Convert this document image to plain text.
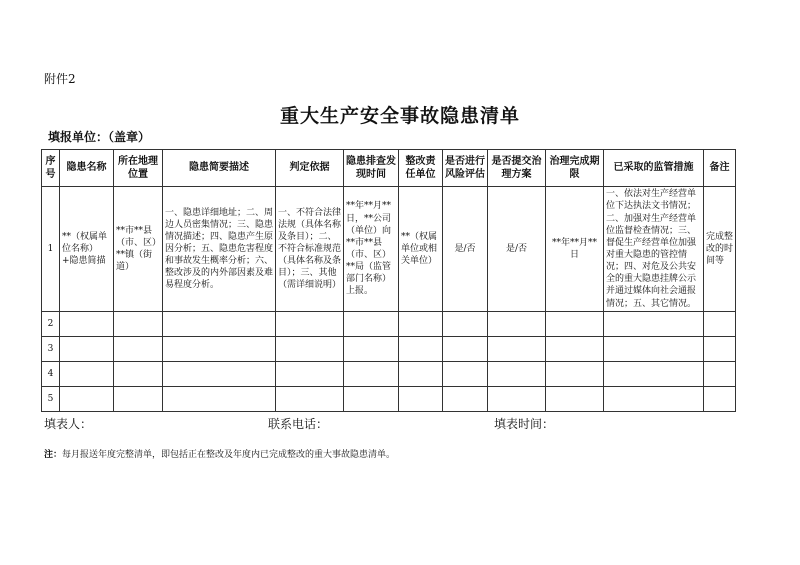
附件2
重大生产安全事故隐患清单
填报单位：（盖章）
序号	隐患名称	所在地理位置	隐患简要描述	判定依据	隐患排查发现时间	整改责任单位	是否进行风险评估	是否提交治理方案	治理完成期限	已采取的监管措施	备注
1	**（权属单位名称）+隐患简描	**市**县（市、区）**镇（街道）	一、隐患详细地址；二、周边人员密集情况；三、隐患情况描述；四、隐患产生原因分析；五、隐患危害程度和事故发生概率分析；六、整改涉及的内外部因素及难易程度分析。	一、不符合法律法规（具体名称及条目）；二、不符合标准规范（具体名称及条目）；三、其他（需详细说明）	**年**月**日，**公司（单位）向**市**县（市、区）**局（监管部门名称）上报。	**（权属单位或相关单位）	是/否	是/否	**年**月**日	一、依法对生产经营单位下达执法文书情况；二、加强对生产经营单位监督检查情况；三、督促生产经营单位加强对重大隐患的管控情况；四、对危及公共安全的重大隐患挂牌公示并通过媒体向社会通报情况；五、其它情况。	完成整改的时间等
2											
3											
4											
5											
填表人：	联系电话：	填表时间：
注：每月报送年度完整清单，即包括正在整改及年度内已完成整改的重大事故隐患清单。
